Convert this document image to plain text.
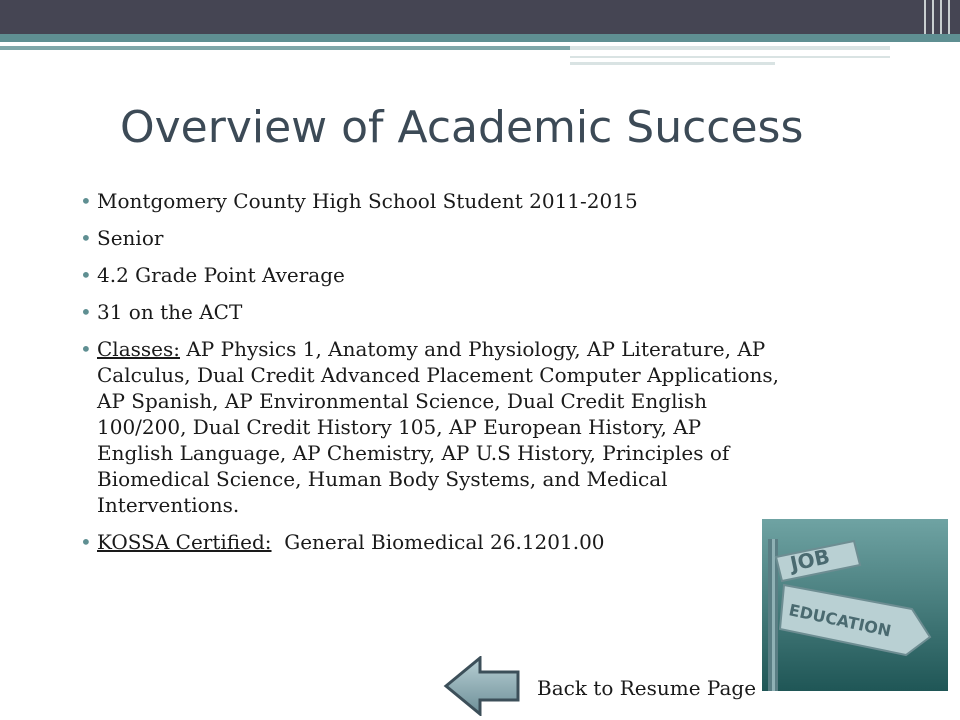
Overview of Academic Success
• Montgomery County High School Student 2011-2015
• Senior
• 4.2 Grade Point Average
• 31 on the ACT
• Classes: AP Physics 1, Anatomy and Physiology, AP Literature, AP Calculus, Dual Credit Advanced Placement Computer Applications, AP Spanish, AP Environmental Science, Dual Credit English 100/200, Dual Credit History 105, AP European History, AP English Language, AP Chemistry, AP U.S History, Principles of Biomedical Science, Human Body Systems, and Medical Interventions.
• KOSSA Certified:  General Biomedical 26.1201.00
JOB
EDUCATION
Back to Resume Page
